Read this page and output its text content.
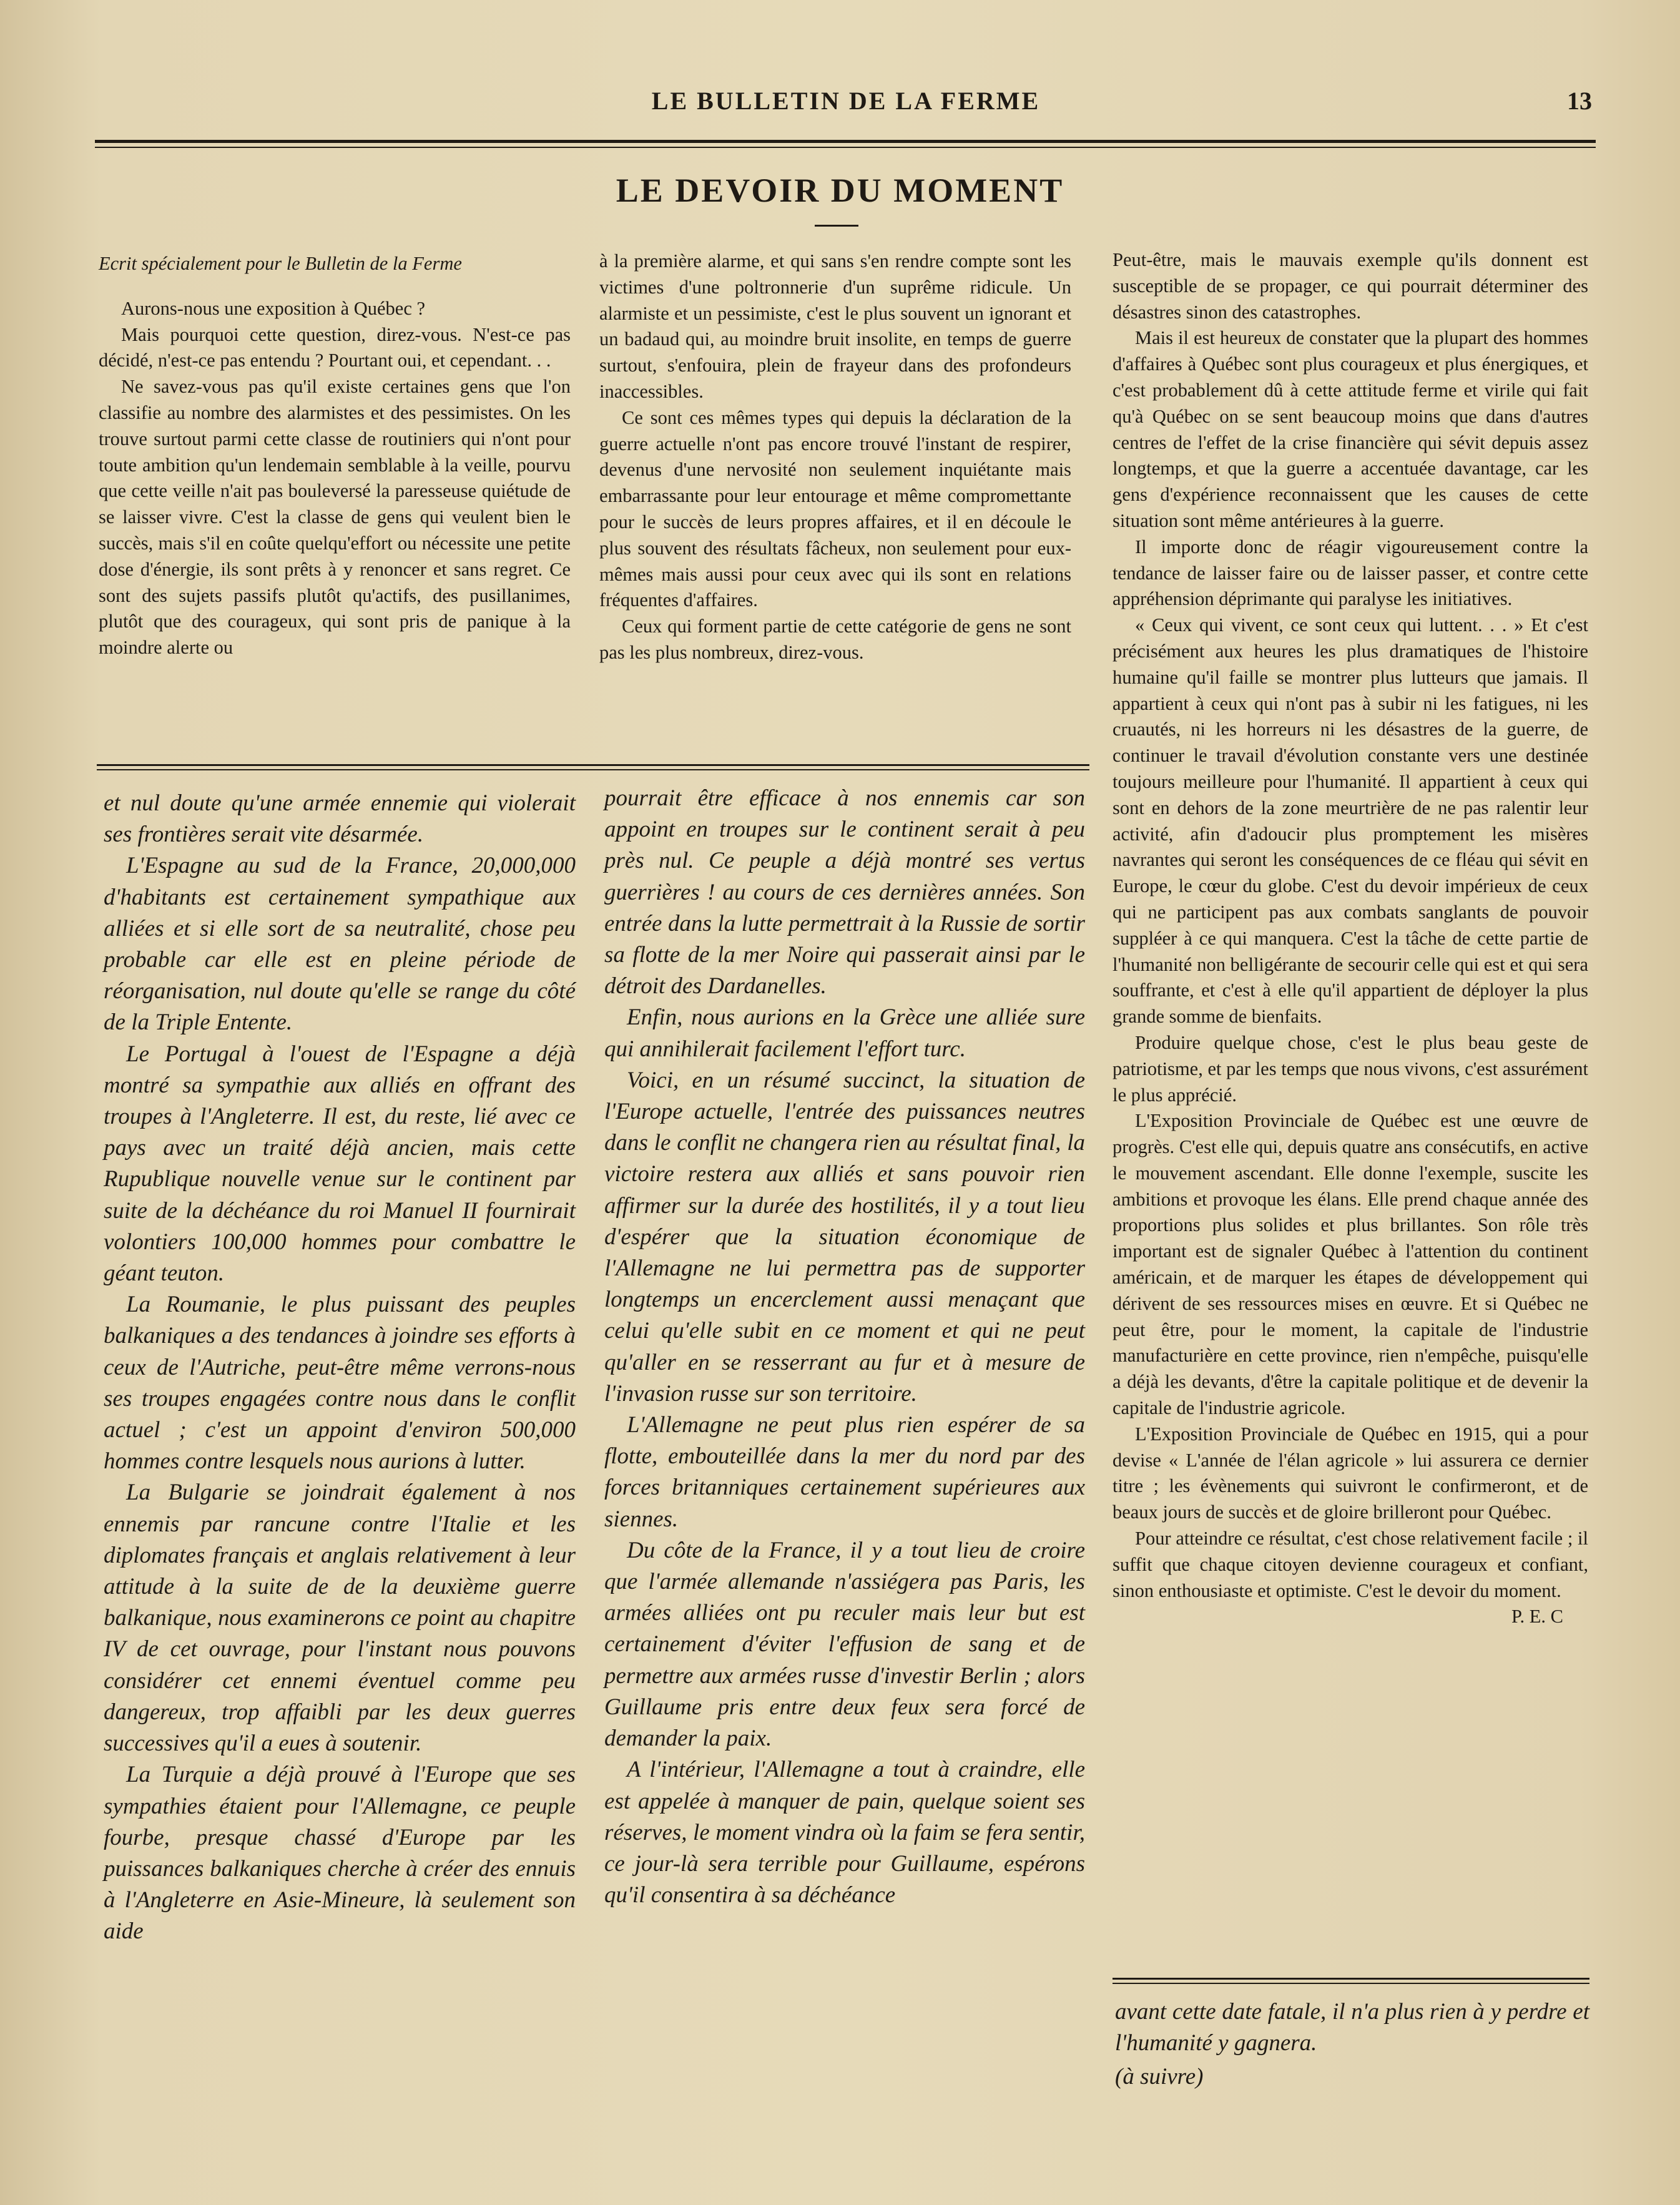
LE BULLETIN DE LA FERME	13
LE DEVOIR DU MOMENT

Ecrit spécialement pour le Bulletin de la Ferme

Aurons-nous une exposition à Québec ?

Mais pourquoi cette question, direz-vous. N'est-ce pas décidé, n'est-ce pas entendu ? Pourtant oui, et cependant. . .

Ne savez-vous pas qu'il existe certaines gens que l'on classifie au nombre des alarmistes et des pessimistes. On les trouve surtout parmi cette classe de routiniers qui n'ont pour toute ambition qu'un lendemain semblable à la veille, pourvu que cette veille n'ait pas bouleversé la paresseuse quiétude de se laisser vivre. C'est la classe de gens qui veulent bien le succès, mais s'il en coûte quelqu'effort ou nécessite une petite dose d'énergie, ils sont prêts à y renoncer et sans regret. Ce sont des sujets passifs plutôt qu'actifs, des pusillanimes, plutôt que des courageux, qui sont pris de panique à la moindre alerte ou

à la première alarme, et qui sans s'en rendre compte sont les victimes d'une poltronnerie d'un suprême ridicule. Un alarmiste et un pessimiste, c'est le plus souvent un ignorant et un badaud qui, au moindre bruit insolite, en temps de guerre surtout, s'enfouira, plein de frayeur dans des profondeurs inaccessibles.

Ce sont ces mêmes types qui depuis la déclaration de la guerre actuelle n'ont pas encore trouvé l'instant de respirer, devenus d'une nervosité non seulement inquiétante mais embarrassante pour leur entourage et même compromettante pour le succès de leurs propres affaires, et il en découle le plus souvent des résultats fâcheux, non seulement pour eux-mêmes mais aussi pour ceux avec qui ils sont en relations fréquentes d'affaires.

Ceux qui forment partie de cette catégorie de gens ne sont pas les plus nombreux, direz-vous.

et nul doute qu'une armée ennemie qui violerait ses frontières serait vite désarmée.

L'Espagne au sud de la France, 20,000,000 d'habitants est certainement sympathique aux alliées et si elle sort de sa neutralité, chose peu probable car elle est en pleine période de réorganisation, nul doute qu'elle se range du côté de la Triple Entente.

Le Portugal à l'ouest de l'Espagne a déjà montré sa sympathie aux alliés en offrant des troupes à l'Angleterre. Il est, du reste, lié avec ce pays avec un traité déjà ancien, mais cette Rupublique nouvelle venue sur le continent par suite de la déchéance du roi Manuel II fournirait volontiers 100,000 hommes pour combattre le géant teuton.

La Roumanie, le plus puissant des peuples balkaniques a des tendances à joindre ses efforts à ceux de l'Autriche, peut-être même verrons-nous ses troupes engagées contre nous dans le conflit actuel ; c'est un appoint d'environ 500,000 hommes contre lesquels nous aurions à lutter.

La Bulgarie se joindrait également à nos ennemis par rancune contre l'Italie et les diplomates français et anglais relativement à leur attitude à la suite de de la deuxième guerre balkanique, nous examinerons ce point au chapitre IV de cet ouvrage, pour l'instant nous pouvons considérer cet ennemi éventuel comme peu dangereux, trop affaibli par les deux guerres successives qu'il a eues à soutenir.

La Turquie a déjà prouvé à l'Europe que ses sympathies étaient pour l'Allemagne, ce peuple fourbe, presque chassé d'Europe par les puissances balkaniques cherche à créer des ennuis à l'Angleterre en Asie-Mineure, là seulement son aide

pourrait être efficace à nos ennemis car son appoint en troupes sur le continent serait à peu près nul. Ce peuple a déjà montré ses vertus guerrières ! au cours de ces dernières années. Son entrée dans la lutte permettrait à la Russie de sortir sa flotte de la mer Noire qui passerait ainsi par le détroit des Dardanelles.

Enfin, nous aurions en la Grèce une alliée sure qui annihilerait facilement l'effort turc.

Voici, en un résumé succinct, la situation de l'Europe actuelle, l'entrée des puissances neutres dans le conflit ne changera rien au résultat final, la victoire restera aux alliés et sans pouvoir rien affirmer sur la durée des hostilités, il y a tout lieu d'espérer que la situation économique de l'Allemagne ne lui permettra pas de supporter longtemps un encerclement aussi menaçant que celui qu'elle subit en ce moment et qui ne peut qu'aller en se resserrant au fur et à mesure de l'invasion russe sur son territoire.

L'Allemagne ne peut plus rien espérer de sa flotte, embouteillée dans la mer du nord par des forces britanniques certainement supérieures aux siennes.

Du côte de la France, il y a tout lieu de croire que l'armée allemande n'assiégera pas Paris, les armées alliées ont pu reculer mais leur but est certainement d'éviter l'effusion de sang et de permettre aux armées russe d'investir Berlin ; alors Guillaume pris entre deux feux sera forcé de demander la paix.

A l'intérieur, l'Allemagne a tout à craindre, elle est appelée à manquer de pain, quelque soient ses réserves, le moment vindra où la faim se fera sentir, ce jour-là sera terrible pour Guillaume, espérons qu'il consentira à sa déchéance

Peut-être, mais le mauvais exemple qu'ils donnent est susceptible de se propager, ce qui pourrait déterminer des désastres sinon des catastrophes.

Mais il est heureux de constater que la plupart des hommes d'affaires à Québec sont plus courageux et plus énergiques, et c'est probablement dû à cette attitude ferme et virile qui fait qu'à Québec on se sent beaucoup moins que dans d'autres centres de l'effet de la crise financière qui sévit depuis assez longtemps, et que la guerre a accentuée davantage, car les gens d'expérience reconnaissent que les causes de cette situation sont même antérieures à la guerre.

Il importe donc de réagir vigoureusement contre la tendance de laisser faire ou de laisser passer, et contre cette appréhension déprimante qui paralyse les initiatives.

« Ceux qui vivent, ce sont ceux qui luttent. . . » Et c'est précisément aux heures les plus dramatiques de l'histoire humaine qu'il faille se montrer plus lutteurs que jamais. Il appartient à ceux qui n'ont pas à subir ni les fatigues, ni les cruautés, ni les horreurs ni les désastres de la guerre, de continuer le travail d'évolution constante vers une destinée toujours meilleure pour l'humanité. Il appartient à ceux qui sont en dehors de la zone meurtrière de ne pas ralentir leur activité, afin d'adoucir plus promptement les misères navrantes qui seront les conséquences de ce fléau qui sévit en Europe, le cœur du globe. C'est du devoir impérieux de ceux qui ne participent pas aux combats sanglants de pouvoir suppléer à ce qui manquera. C'est la tâche de cette partie de l'humanité non belligérante de secourir celle qui est et qui sera souffrante, et c'est à elle qu'il appartient de déployer la plus grande somme de bienfaits.

Produire quelque chose, c'est le plus beau geste de patriotisme, et par les temps que nous vivons, c'est assurément le plus apprécié.

L'Exposition Provinciale de Québec est une œuvre de progrès. C'est elle qui, depuis quatre ans consécutifs, en active le mouvement ascendant. Elle donne l'exemple, suscite les ambitions et provoque les élans. Elle prend chaque année des proportions plus solides et plus brillantes. Son rôle très important est de signaler Québec à l'attention du continent américain, et de marquer les étapes de développement qui dérivent de ses ressources mises en œuvre. Et si Québec ne peut être, pour le moment, la capitale de l'industrie manufacturière en cette province, rien n'empêche, puisqu'elle a déjà les devants, d'être la capitale politique et de devenir la capitale de l'industrie agricole.

L'Exposition Provinciale de Québec en 1915, qui a pour devise « L'année de l'élan agricole » lui assurera ce dernier titre ; les évènements qui suivront le confirmeront, et de beaux jours de succès et de gloire brilleront pour Québec.

Pour atteindre ce résultat, c'est chose relativement facile ; il suffit que chaque citoyen devienne courageux et confiant, sinon enthousiaste et optimiste. C'est le devoir du moment.

P. E. C

avant cette date fatale, il n'a plus rien à y perdre et l'humanité y gagnera.

(à suivre)
